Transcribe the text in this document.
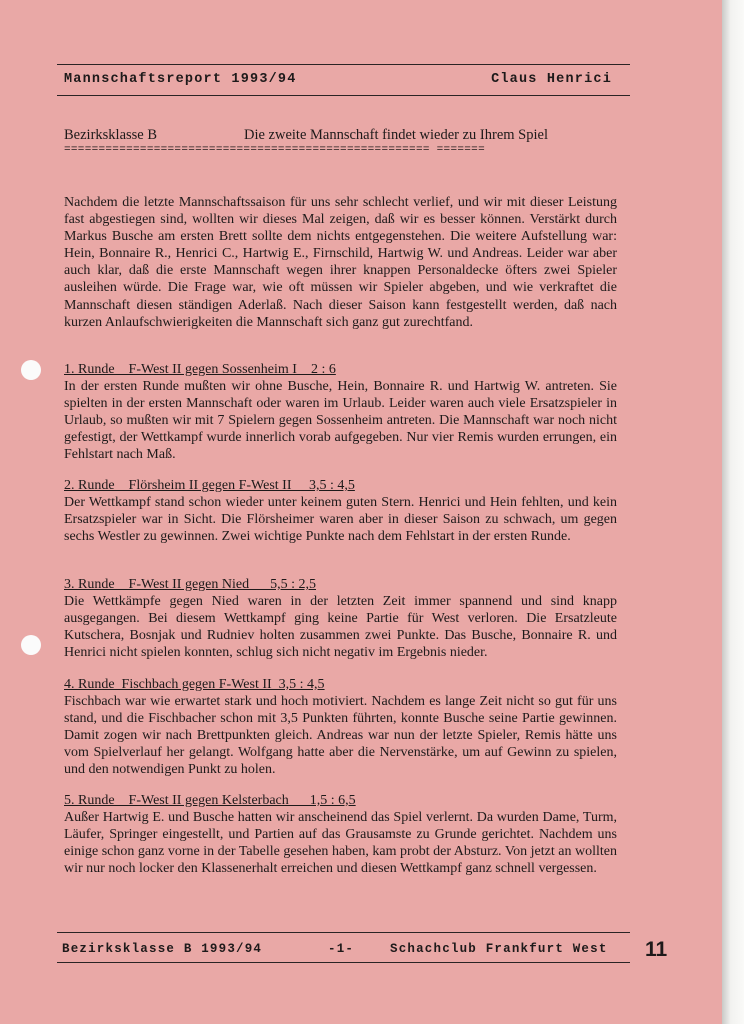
Mannschaftsreport 1993/94	Claus Henrici
Bezirksklasse B	Die zweite Mannschaft findet wieder zu Ihrem Spiel
===================================================== =======

Nachdem die letzte Mannschaftssaison für uns sehr schlecht verlief, und wir mit dieser Leistung fast abgestiegen sind, wollten wir dieses Mal zeigen, daß wir es besser können. Verstärkt durch Markus Busche am ersten Brett sollte dem nichts entgegenstehen. Die weitere Aufstellung war: Hein, Bonnaire R., Henrici C., Hartwig E., Firnschild, Hartwig W. und Andreas. Leider war aber auch klar, daß die erste Mannschaft wegen ihrer knappen Personaldecke öfters zwei Spieler ausleihen würde. Die Frage war, wie oft müssen wir Spieler abgeben, und wie verkraftet die Mannschaft diesen ständigen Aderlaß. Nach dieser Saison kann festgestellt werden, daß nach kurzen Anlaufschwierigkeiten die Mannschaft sich ganz gut zurechtfand.

1. Runde    F-West II gegen Sossenheim I    2 : 6

In der ersten Runde mußten wir ohne Busche, Hein, Bonnaire R. und Hartwig W. antreten. Sie spielten in der ersten Mannschaft oder waren im Urlaub. Leider waren auch viele Ersatzspieler in Urlaub, so mußten wir mit 7 Spielern gegen Sossenheim antreten. Die Mannschaft war noch nicht gefestigt, der Wettkampf wurde innerlich vorab aufgegeben. Nur vier Remis wurden errungen, ein Fehlstart nach Maß.

2. Runde    Flörsheim II gegen F-West II     3,5 : 4,5

Der Wettkampf stand schon wieder unter keinem guten Stern. Henrici und Hein fehlten, und kein Ersatzspieler war in Sicht. Die Flörsheimer waren aber in dieser Saison zu schwach, um gegen sechs Westler zu gewinnen. Zwei wichtige Punkte nach dem Fehlstart in der ersten Runde.

3. Runde    F-West II gegen Nied      5,5 : 2,5

Die Wettkämpfe gegen Nied waren in der letzten Zeit immer spannend und sind knapp ausgegangen. Bei diesem Wettkampf ging keine Partie für West verloren. Die Ersatzleute Kutschera, Bosnjak und Rudniev holten zusammen zwei Punkte. Das Busche, Bonnaire R. und Henrici nicht spielen konnten, schlug sich nicht negativ im Ergebnis nieder.

4. Runde  Fischbach gegen F-West II  3,5 : 4,5

Fischbach war wie erwartet stark und hoch motiviert. Nachdem es lange Zeit nicht so gut für uns stand, und die Fischbacher schon mit 3,5 Punkten führten, konnte Busche seine Partie gewinnen. Damit zogen wir nach Brettpunkten gleich. Andreas war nun der letzte Spieler, Remis hätte uns vom Spielverlauf her gelangt. Wolfgang hatte aber die Nervenstärke, um auf Gewinn zu spielen, und den notwendigen Punkt zu holen.

5. Runde    F-West II gegen Kelsterbach      1,5 : 6,5

Außer Hartwig E. und Busche hatten wir anscheinend das Spiel verlernt. Da wurden Dame, Turm, Läufer, Springer eingestellt, und Partien auf das Grausamste zu Grunde gerichtet. Nachdem uns einige schon ganz vorne in der Tabelle gesehen haben, kam probt der Absturz. Von jetzt an wollten wir nur noch locker den Klassenerhalt erreichen und diesen Wettkampf ganz schnell vergessen.

Bezirksklasse B 1993/94	-1-	Schachclub Frankfurt West 11
